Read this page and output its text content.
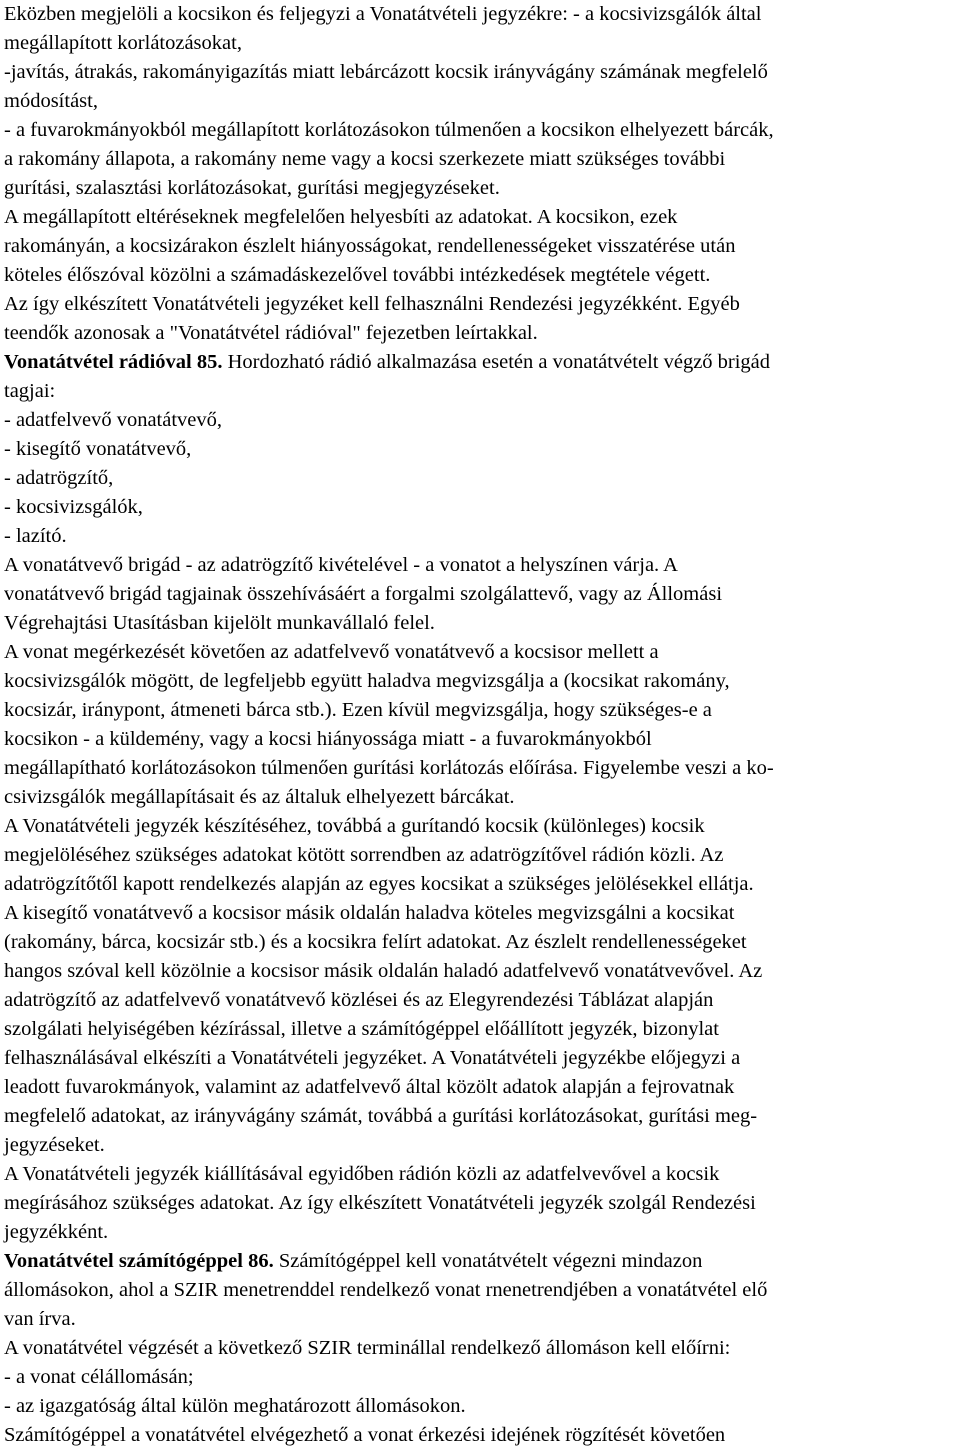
Eközben megjelöli a kocsikon és feljegyzi a Vonatátvételi jegyzékre: - a kocsivizsgálók által
megállapított korlátozásokat,
-javítás, átrakás, rakományigazítás miatt lebárcázott kocsik irányvágány számának megfelelő
módosítást,
- a fuvarokmányokból megállapított korlátozásokon túlmenően a kocsikon elhelyezett bárcák,
a rakomány állapota, a rakomány neme vagy a kocsi szerkezete miatt szükséges további
gurítási, szalasztási korlátozásokat, gurítási megjegyzéseket.
A megállapított eltéréseknek megfelelően helyesbíti az adatokat. A kocsikon, ezek
rakományán, a kocsizárakon észlelt hiányosságokat, rendellenességeket visszatérése után
köteles élőszóval közölni a számadáskezelővel további intézkedések megtétele végett.
Az így elkészített Vonatátvételi jegyzéket kell felhasználni Rendezési jegyzékként. Egyéb
teendők azonosak a "Vonatátvétel rádióval" fejezetben leírtakkal.
Vonatátvétel rádióval 85. Hordozható rádió alkalmazása esetén a vonatátvételt végző brigád
tagjai:
- adatfelvevő vonatátvevő,
- kisegítő vonatátvevő,
- adatrögzítő,
- kocsivizsgálók,
- lazító.
A vonatátvevő brigád - az adatrögzítő kivételével - a vonatot a helyszínen várja. A
vonatátvevő brigád tagjainak összehívásáért a forgalmi szolgálattevő, vagy az Állomási
Végrehajtási Utasításban kijelölt munkavállaló felel.
A vonat megérkezését követően az adatfelvevő vonatátvevő a kocsisor mellett a
kocsivizsgálók mögött, de legfeljebb együtt haladva megvizsgálja a (kocsikat rakomány,
kocsizár, iránypont, átmeneti bárca stb.). Ezen kívül megvizsgálja, hogy szükséges-e a
kocsikon - a küldemény, vagy a kocsi hiányossága miatt - a fuvarokmányokból
megállapítható korlátozásokon túlmenően gurítási korlátozás előírása. Figyelembe veszi a ko-
csivizsgálók megállapításait és az általuk elhelyezett bárcákat.
A Vonatátvételi jegyzék készítéséhez, továbbá a gurítandó kocsik (különleges) kocsik
megjelöléséhez szükséges adatokat kötött sorrendben az adatrögzítővel rádión közli. Az
adatrögzítőtől kapott rendelkezés alapján az egyes kocsikat a szükséges jelölésekkel ellátja.
A kisegítő vonatátvevő a kocsisor másik oldalán haladva köteles megvizsgálni a kocsikat
(rakomány, bárca, kocsizár stb.) és a kocsikra felírt adatokat. Az észlelt rendellenességeket
hangos szóval kell közölnie a kocsisor másik oldalán haladó adatfelvevő vonatátvevővel. Az
adatrögzítő az adatfelvevő vonatátvevő közlései és az Elegyrendezési Táblázat alapján
szolgálati helyiségében kézírással, illetve a számítógéppel előállított jegyzék, bizonylat
felhasználásával elkészíti a Vonatátvételi jegyzéket. A Vonatátvételi jegyzékbe előjegyzi a
leadott fuvarokmányok, valamint az adatfelvevő által közölt adatok alapján a fejrovatnak
megfelelő adatokat, az irányvágány számát, továbbá a gurítási korlátozásokat, gurítási meg-
jegyzéseket.
A Vonatátvételi jegyzék kiállításával egyidőben rádión közli az adatfelvevővel a kocsik
megírásához szükséges adatokat. Az így elkészített Vonatátvételi jegyzék szolgál Rendezési
jegyzékként.
Vonatátvétel számítógéppel 86. Számítógéppel kell vonatátvételt végezni mindazon
állomásokon, ahol a SZIR menetrenddel rendelkező vonat rnenetrendjében a vonatátvétel elő
van írva.
A vonatátvétel végzését a következő SZIR terminállal rendelkező állomáson kell előírni:
- a vonat célállomásán;
- az igazgatóság által külön meghatározott állomásokon.
Számítógéppel a vonatátvétel elvégezhető a vonat érkezési idejének rögzítését követően
